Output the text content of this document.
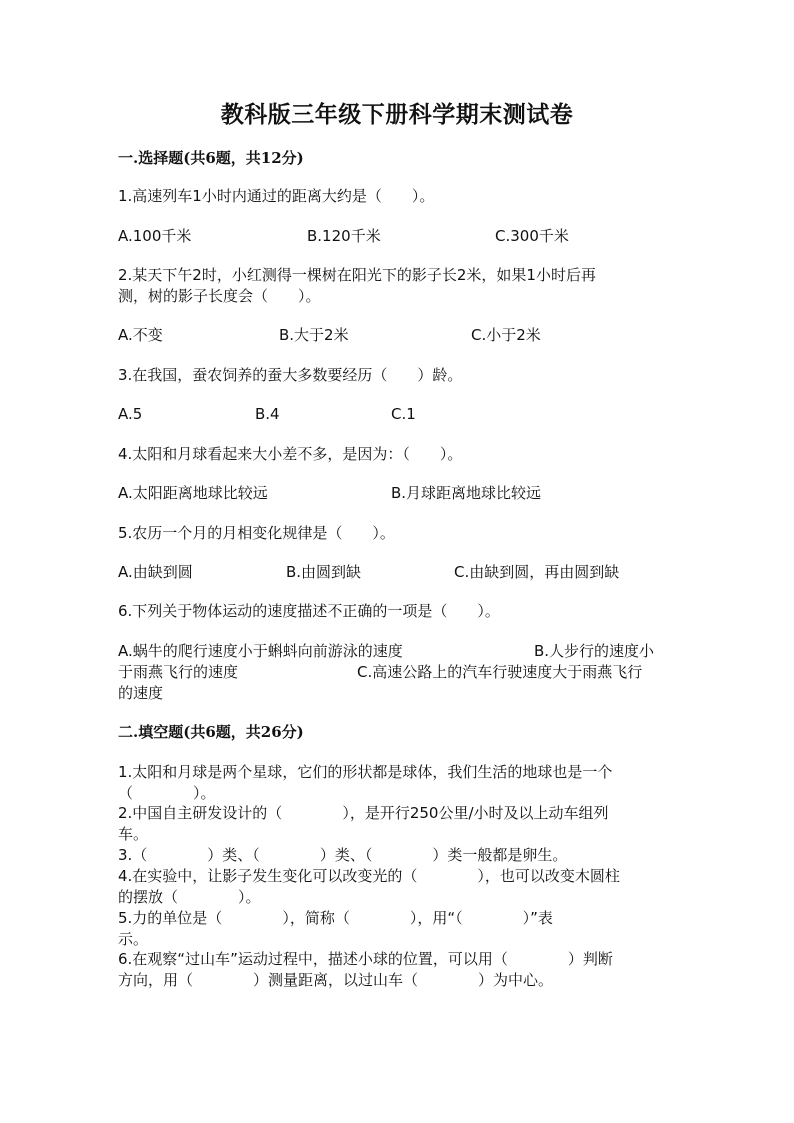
教科版三年级下册科学期末测试卷
一.选择题(共6题，共12分)
1.高速列车1小时内通过的距离大约是（　　）。
A.100千米	B.120千米	C.300千米
2.某天下午2时，小红测得一棵树在阳光下的影子长2米，如果1小时后再
测，树的影子长度会（　　）。
A.不变	B.大于2米	C.小于2米
3.在我国，蚕农饲养的蚕大多数要经历（　　）龄。
A.5	B.4	C.1
4.太阳和月球看起来大小差不多，是因为：（　　）。
A.太阳距离地球比较远	B.月球距离地球比较远
5.农历一个月的月相变化规律是（　　）。
A.由缺到圆	B.由圆到缺	C.由缺到圆，再由圆到缺
6.下列关于物体运动的速度描述不正确的一项是（　　）。
A.蜗牛的爬行速度小于蝌蚪向前游泳的速度	B.人步行的速度小
于雨燕飞行的速度	C.高速公路上的汽车行驶速度大于雨燕飞行
的速度
二.填空题(共6题，共26分)
1.太阳和月球是两个星球，它们的形状都是球体，我们生活的地球也是一个
（　　　　）。
2.中国自主研发设计的（　　　　），是开行250公里/小时及以上动车组列
车。
3.（　　　　）类、（　　　　）类、（　　　　）类一般都是卵生。
4.在实验中，让影子发生变化可以改变光的（　　　　），也可以改变木圆柱
的摆放（　　　　）。
5.力的单位是（　　　　），简称（　　　　），用“（　　　　）”表
示。
6.在观察“过山车”运动过程中，描述小球的位置，可以用（　　　　）判断
方向，用（　　　　）测量距离，以过山车（　　　　）为中心。
